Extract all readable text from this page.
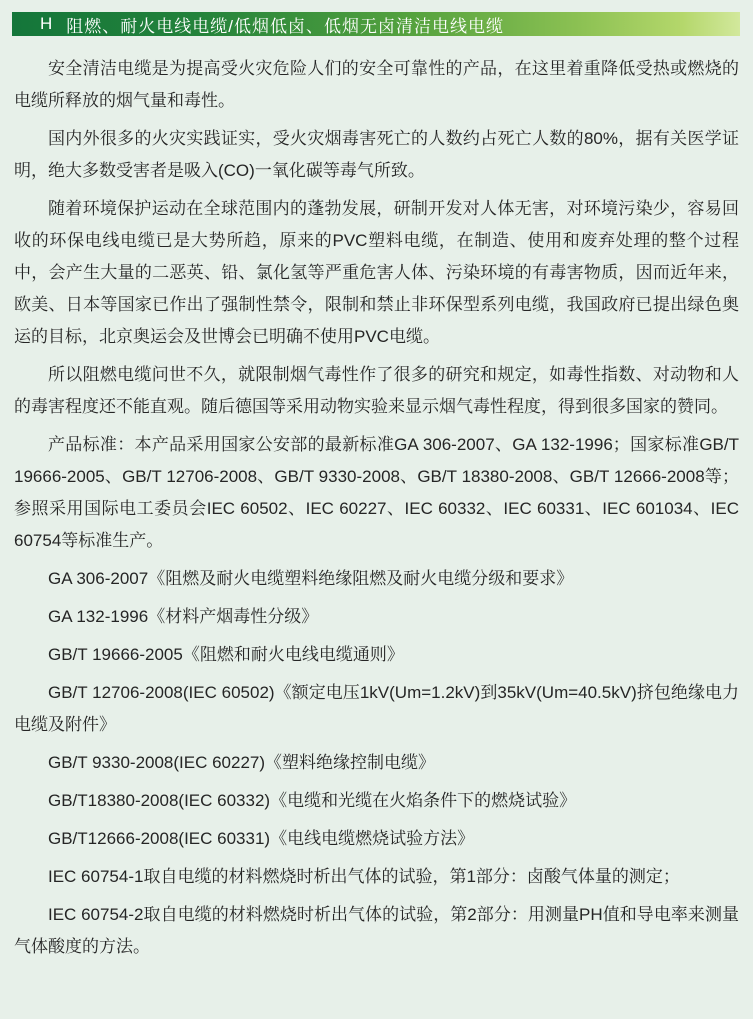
H 阻燃、耐火电线电缆/低烟低卤、低烟无卤清洁电线电缆

安全清洁电缆是为提高受火灾危险人们的安全可靠性的产品，在这里着重降低受热或燃烧的电缆所释放的烟气量和毒性。

国内外很多的火灾实践证实，受火灾烟毒害死亡的人数约占死亡人数的80%，据有关医学证明，绝大多数受害者是吸入(CO)一氧化碳等毒气所致。

随着环境保护运动在全球范围内的蓬勃发展，研制开发对人体无害，对环境污染少，容易回收的环保电线电缆已是大势所趋，原来的PVC塑料电缆，在制造、使用和废弃处理的整个过程中，会产生大量的二恶英、铅、氯化氢等严重危害人体、污染环境的有毒害物质，因而近年来，欧美、日本等国家已作出了强制性禁令，限制和禁止非环保型系列电缆，我国政府已提出绿色奥运的目标，北京奥运会及世博会已明确不使用PVC电缆。

所以阻燃电缆问世不久，就限制烟气毒性作了很多的研究和规定，如毒性指数、对动物和人的毒害程度还不能直观。随后德国等采用动物实验来显示烟气毒性程度，得到很多国家的赞同。

产品标准：本产品采用国家公安部的最新标准GA 306-2007、GA 132-1996；国家标准GB/T 19666-2005、GB/T 12706-2008、GB/T 9330-2008、GB/T 18380-2008、GB/T 12666-2008等；参照采用国际电工委员会IEC 60502、IEC 60227、IEC 60332、IEC 60331、IEC 601034、IEC 60754等标准生产。

GA 306-2007《阻燃及耐火电缆塑料绝缘阻燃及耐火电缆分级和要求》

GA 132-1996《材料产烟毒性分级》

GB/T 19666-2005《阻燃和耐火电线电缆通则》

GB/T 12706-2008(IEC 60502)《额定电压1kV(Um=1.2kV)到35kV(Um=40.5kV)挤包绝缘电力电缆及附件》

GB/T 9330-2008(IEC 60227)《塑料绝缘控制电缆》

GB/T18380-2008(IEC 60332)《电缆和光缆在火焰条件下的燃烧试验》

GB/T12666-2008(IEC 60331)《电线电缆燃烧试验方法》

IEC 60754-1取自电缆的材料燃烧时析出气体的试验，第1部分：卤酸气体量的测定；

IEC 60754-2取自电缆的材料燃烧时析出气体的试验，第2部分：用测量PH值和导电率来测量气体酸度的方法。
